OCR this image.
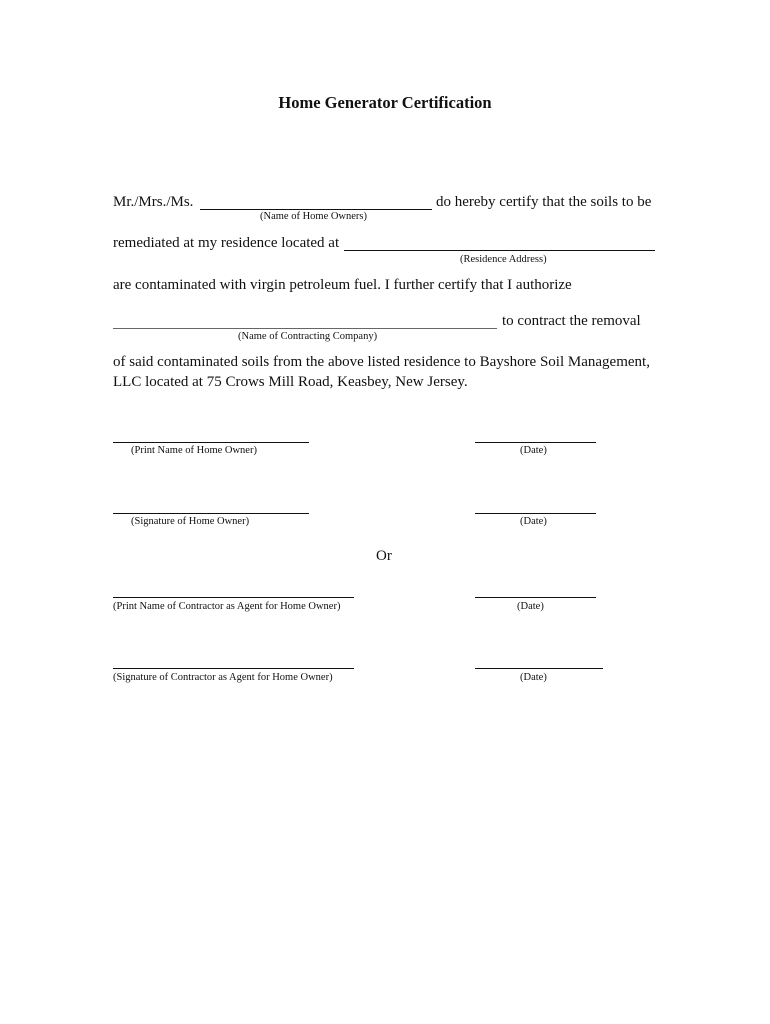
Home Generator Certification
Mr./Mrs./Ms.	do hereby certify that the soils to be
(Name of Home Owners)
remediated at my residence located at
(Residence Address)
are contaminated with virgin petroleum fuel. I further certify that I authorize
to contract the removal
(Name of Contracting Company)
of said contaminated soils from the above listed residence to Bayshore Soil Management,
LLC located at 75 Crows Mill Road, Keasbey, New Jersey.
(Print Name of Home Owner)	(Date)
(Signature of Home Owner)	(Date)
Or
(Print Name of Contractor as Agent for Home Owner)	(Date)
(Signature of Contractor as Agent for Home Owner)	(Date)
